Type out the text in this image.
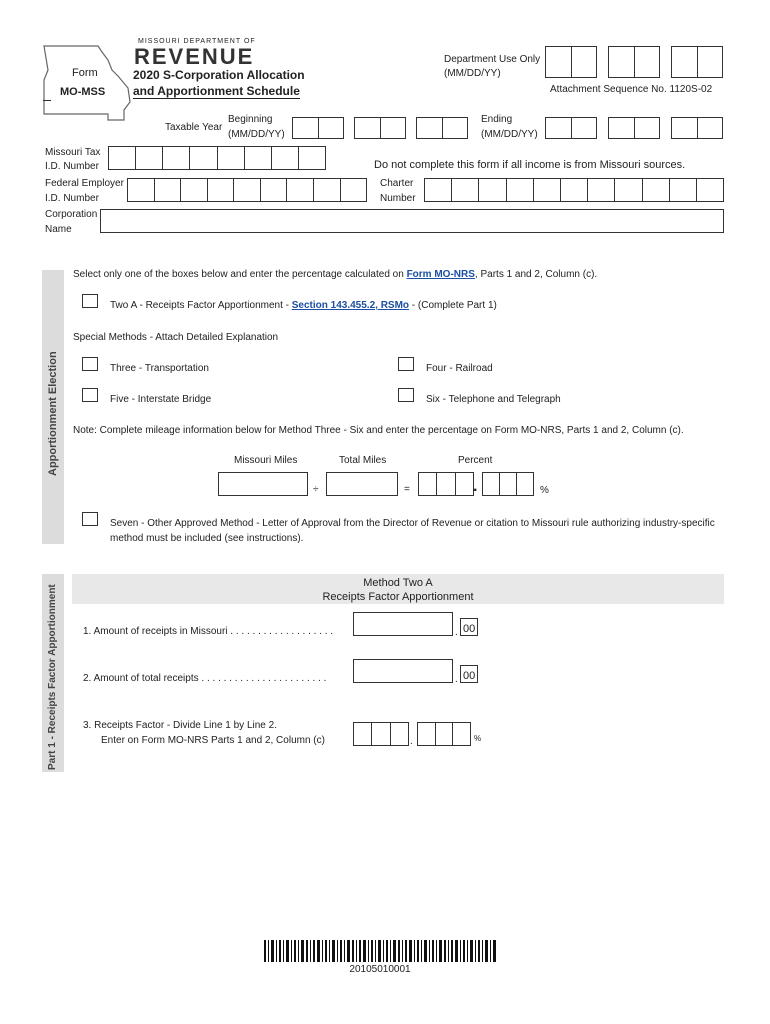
MISSOURI DEPARTMENT OF
REVENUE
Form
MO-MSS
2020 S-Corporation Allocation
and Apportionment Schedule
Department Use Only
(MM/DD/YY)
Attachment Sequence No. 1120S-02
Beginning
Taxable Year
(MM/DD/YY)
Ending
(MM/DD/YY)
Missouri Tax
I.D. Number	Do not complete this form if all income is from Missouri sources.
Federal Employer
I.D. Number
Charter
Number
Corporation
Name
Apportionment Election
Select only one of the boxes below and enter the percentage calculated on Form MO-NRS, Parts 1 and 2, Column (c).
Two A - Receipts Factor Apportionment - Section 143.455.2, RSMo - (Complete Part 1)
Special Methods - Attach Detailed Explanation
Three - Transportation	Four - Railroad
Five - Interstate Bridge	Six - Telephone and Telegraph
Note: Complete mileage information below for Method Three - Six and enter the percentage on Form MO-NRS, Parts 1 and 2, Column (c).
Missouri Miles	Total Miles	Percent
÷	=	.	%
Seven - Other Approved Method - Letter of Approval from the Director of Revenue or citation to Missouri rule authorizing industry-specific
method must be included (see instructions).
Part 1 - Receipts Factor Apportionment
Method Two A
Receipts Factor Apportionment
1. Amount of receipts in Missouri . . . . . . . . . . . . . . . . . . .	. 00
2. Amount of total receipts . . . . . . . . . . . . . . . . . . . . . . .	. 00
3. Receipts Factor - Divide Line 1 by Line 2.
Enter on Form MO-NRS Parts 1 and 2, Column (c)	.	%
20105010001
